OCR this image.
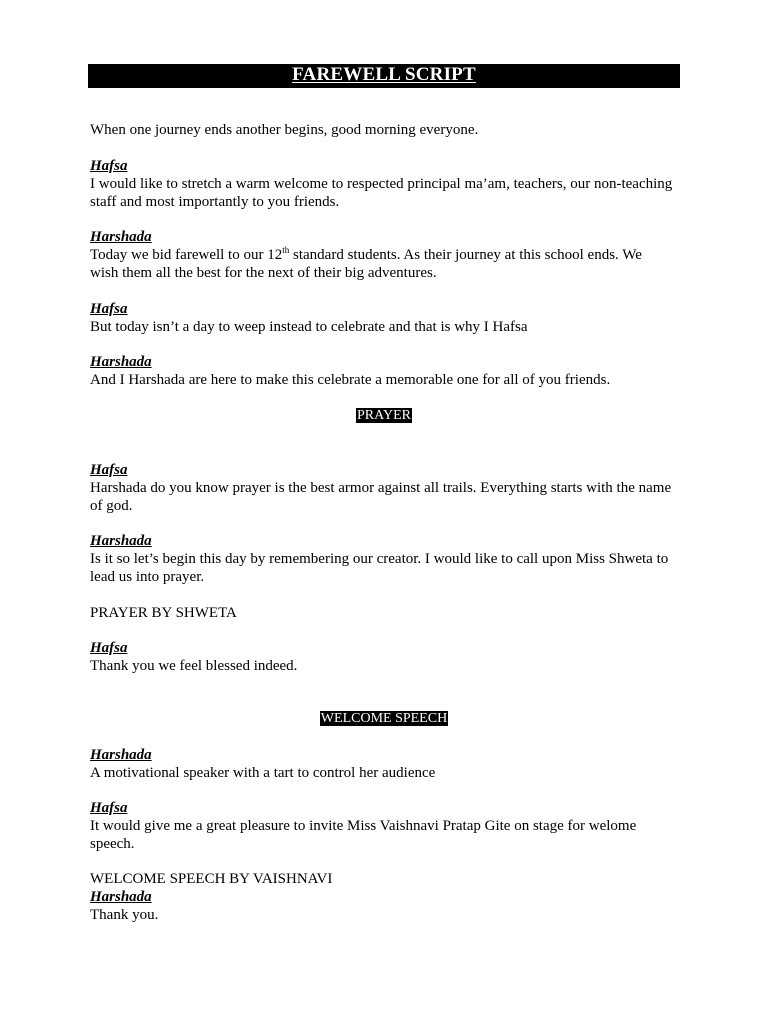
FAREWELL SCRIPT
When one journey ends another begins, good morning everyone.
Hafsa
I would like to stretch a warm welcome to respected principal ma’am, teachers, our non-teaching
staff and most importantly to you friends.
Harshada
Today we bid farewell to our 12th standard students. As their journey at this school ends. We
wish them all the best for the next of their big adventures.
Hafsa
But today isn’t a day to weep instead to celebrate and that is why I Hafsa
Harshada
And I Harshada are here to make this celebrate a memorable one for all of you friends.
PRAYER
Hafsa
Harshada do you know prayer is the best armor against all trails. Everything starts with the name
of god.
Harshada
Is it so let’s begin this day by remembering our creator. I would like to call upon Miss Shweta to
lead us into prayer.
PRAYER BY SHWETA
Hafsa
Thank you we feel blessed indeed.
WELCOME SPEECH
Harshada
A motivational speaker with a tart to control her audience
Hafsa
It would give me a great pleasure to invite Miss Vaishnavi Pratap Gite on stage for welome
speech.
WELCOME SPEECH BY VAISHNAVI
Harshada
Thank you.
